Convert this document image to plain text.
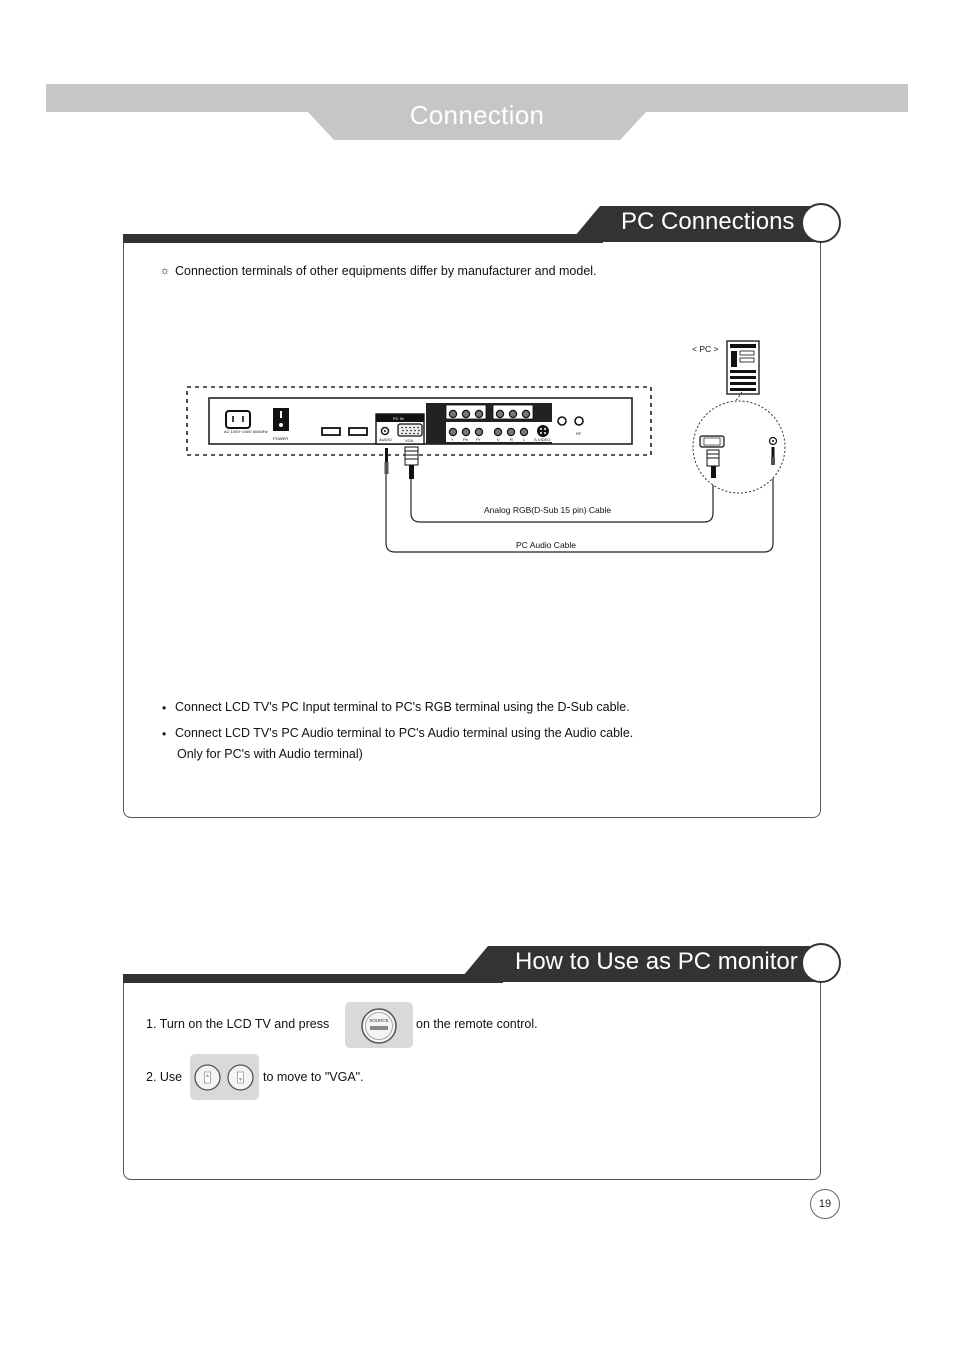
Connection
PC Connections
☼ Connection terminals of other equipments differ by manufacturer and model.
AC 100V~240V 50/60Hz
POWER
PC IN
AUDIO	VGA	Y Pb Pr	V	R	L S-VIDEO
RF
< PC >
Analog RGB(D-Sub 15 pin) Cable
PC Audio Cable
• Connect LCD TV's PC Input terminal to PC's RGB terminal using the D-Sub cable.
• Connect LCD TV's PC Audio terminal to PC's Audio terminal using the Audio cable.
Only for PC's with Audio terminal)
How to Use as PC monitor
1. Turn on the LCD TV and press	SOURCE on the remote control.
2. Use	to move to "VGA".
19
